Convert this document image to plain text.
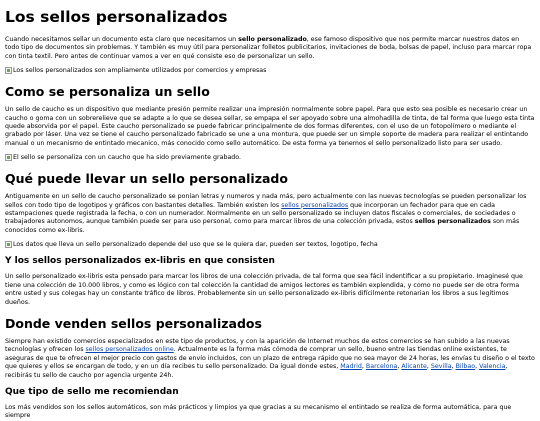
Los sellos personalizados

Cuando necesitamos sellar un documento esta claro que necesitamos un sello personalizado, ese famoso dispositivo que nos permite marcar nuestros datos en todo tipo de documentos sin problemas. Y también es muy útil para personalizar folletos publicitarios, invitaciones de boda, bolsas de papel, incluso para marcar ropa con tinta textil. Pero antes de continuar vamos a ver en qué consiste eso de personalizar un sello.

Los sellos personalizados son ampliamente utilizados por comercios y empresas
Como se personaliza un sello

Un sello de caucho es un dispositivo que mediante presión permite realizar una impresión normalmente sobre papel. Para que esto sea posible es necesario crear un caucho o goma con un sobrerelieve que se adapte a lo que se desea sellar, se empapa el ser apoyado sobre una almohadilla de tinta, de tal forma que luego esta tinta quede absorvida por el papel. Este caucho personalizado se puede fabricar principalmente de dos formas diferentes, con el uso de un fotopolímero o mediante el grabado por láser. Una vez se tiene el caucho personalizado fabricado se une a una montura, que puede ser un simple soporte de madera para realizar el entintando manual o un mecanismo de entintado mecanico, más conocido como sello automático. De esta forma ya tenemos el sello personalizado listo para ser usado.

El sello se personaliza con un caucho que ha sido previamente grabado.
Qué puede llevar un sello personalizado

Antiguamente en un sello de caucho personalizado se ponían letras y numeros y nada más, pero actualmente con las nuevas tecnologías se pueden personalizar los sellos con todo tipo de logotipos y gráficos con bastantes detalles. También existen los sellos personalizados que incorporan un fechador para que en cada estampaciones quede registrada la fecha, o con un numerador. Normalmente en un sello personalizado se incluyen datos fiscales o comerciales, de sociedades o trabajadores autonomos, aunque también puede ser para uso personal, como para marcar libros de una colección privada, estos sellos personalizados son más conocidos como ex-libris.

Los datos que lleva un sello personalizado depende del uso que se le quiera dar, pueden ser textos, logotipo, fecha
Y los sellos personalizados ex-libris en que consisten

Un sello personalizado ex-libris esta pensado para marcar los libros de una colección privada, de tal forma que sea fácil indentificar a su propietario. Imaginesé que tiene una colección de 10.000 libros, y como es lógico con tal colección la cantidad de amigos lectores es también explendida, y como no puede ser de otra forma entre usted y sus colegas hay un constante tráfico de libros. Probablemente sin un sello personalizado ex-libris difícilmente retonarian los libros a sus legítimos dueños.

Donde venden sellos personalizados

Siempre han existido comercios especializados en este tipo de productos, y con la aparición de Internet muchos de estos comercios se han subido a las nuevas tecnologías y ofrecen los sellos personalizados online. Actualmente es la forma más cómoda de comprar un sello, bueno entre las tiendas online existentes, te aseguras de que te ofrecen el mejor precio con gastos de envío incluidos, con un plazo de entrega rápido que no sea mayor de 24 horas, les envías tu diseño o el texto que quieres y ellos se encargan de todo, y en un día recibes tu sello personalizado. Da igual donde estes, Madrid, Barcelona, Alicante, Sevilla, Bilbao, Valencia, recibirás tu sello de caucho por agencia urgente 24h.

Que tipo de sello me recomiendan

Los más vendidos son los sellos automáticos, son más prácticos y limpios ya que gracias a su mecanismo el entintado se realiza de forma automática, para que siempre
